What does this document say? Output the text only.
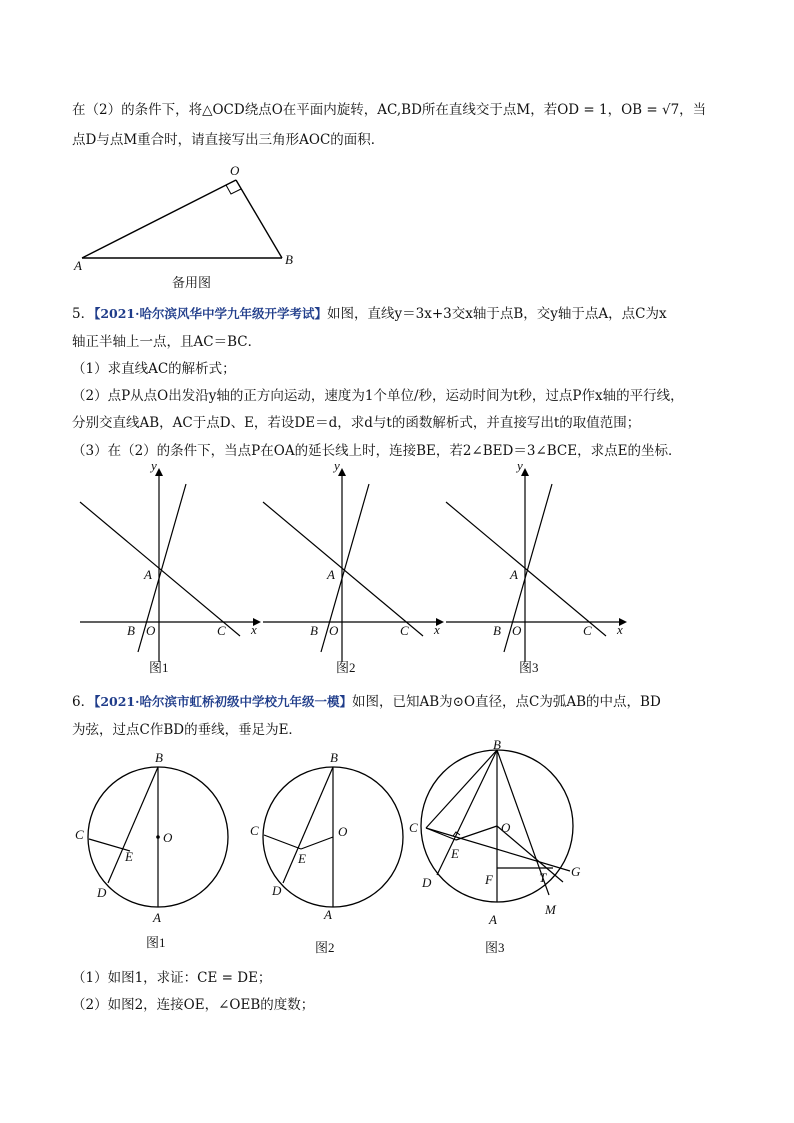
在（2）的条件下，将△OCD绕点O在平面内旋转，AC,BD所在直线交于点M，若OD = 1，OB = √7，当
点D与点M重合时，请直接写出三角形AOC的面积．
O
A	B
备用图
5．【2021·哈尔滨风华中学九年级开学考试】如图，直线y＝3x+3交x轴于点B，交y轴于点A，点C为x
轴正半轴上一点，且AC＝BC．
（1）求直线AC的解析式；
（2）点P从点O出发沿y轴的正方向运动，速度为1个单位/秒，运动时间为t秒，过点P作x轴的平行线，
分别交直线AB，AC于点D、E，若设DE＝d，求d与t的函数解析式，并直接写出t的取值范围；
（3）在（2）的条件下，当点P在OA的延长线上时，连接BE，若2∠BED＝3∠BCE，求点E的坐标．
y
x
A
B O	C
图1
y
x
A
B O	C
图2
y
x
A
B O	C
图3
6．【2021·哈尔滨市虹桥初级中学校九年级一模】如图，已知AB为⊙O直径，点C为弧AB的中点，BD
为弦，过点C作BD的垂线，垂足为E．
B
C	O
E
D
A
图1
B
C	O
E
D
A
图2
B
C	O
E
D	F	T G
M
A
图3
（1）如图1，求证：CE = DE；
（2）如图2，连接OE，∠OEB的度数；
